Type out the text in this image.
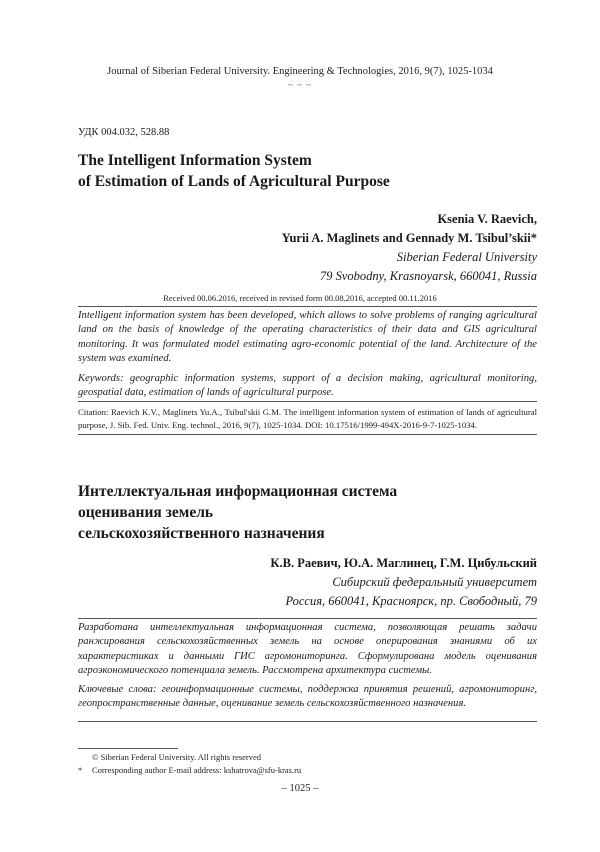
Journal of Siberian Federal University. Engineering & Technologies, 2016, 9(7), 1025-1034
~ ~ ~
УДК 004.032, 528.88
The Intelligent Information System
of Estimation of Lands of Agricultural Purpose
Ksenia V. Raevich,
Yurii A. Maglinets and Gennady M. Tsibul’skii*
Siberian Federal University
79 Svobodny, Krasnoyarsk, 660041, Russia
Received 00.06.2016, received in revised form 00.08.2016, accepted 00.11.2016

Intelligent information system has been developed, which allows to solve problems of ranging agricultural land on the basis of knowledge of the operating characteristics of their data and GIS agricultural monitoring. It was formulated model estimating agro-economic potential of the land. Architecture of the system was examined.

Keywords: geographic information systems, support of a decision making, agricultural monitoring, geospatial data, estimation of lands of agricultural purpose.

Citation: Raevich K.V., Maglinets Yu.A., Tsibul'skii G.M. The intelligent information system of estimation of lands of agricultural purpose, J. Sib. Fed. Univ. Eng. technol., 2016, 9(7), 1025-1034. DOI: 10.17516/1999-494X-2016-9-7-1025-1034.
Интеллектуальная информационная система
оценивания земель
сельскохозяйственного назначения
К.В. Раевич, Ю.А. Маглинец, Г.М. Цибульский
Сибирский федеральный университет
Россия, 660041, Красноярск, пр. Свободный, 79

Разработана интеллектуальная информационная система, позволяющая решать задачи ранжирования сельскохозяйственных земель на основе оперирования знаниями об их характеристиках и данными ГИС агромониторинга. Сформулирована модель оценивания агроэкономического потенциала земель. Рассмотрена архитектура системы.

Ключевые слова: геоинформационные системы, поддержка принятия решений, агромониторинг, геопространственные данные, оценивание земель сельскохозяйственного назначения.

© Siberian Federal University. All rights reserved
* Corresponding author E-mail address: kshatrova@sfu-kras.ru
– 1025 –
